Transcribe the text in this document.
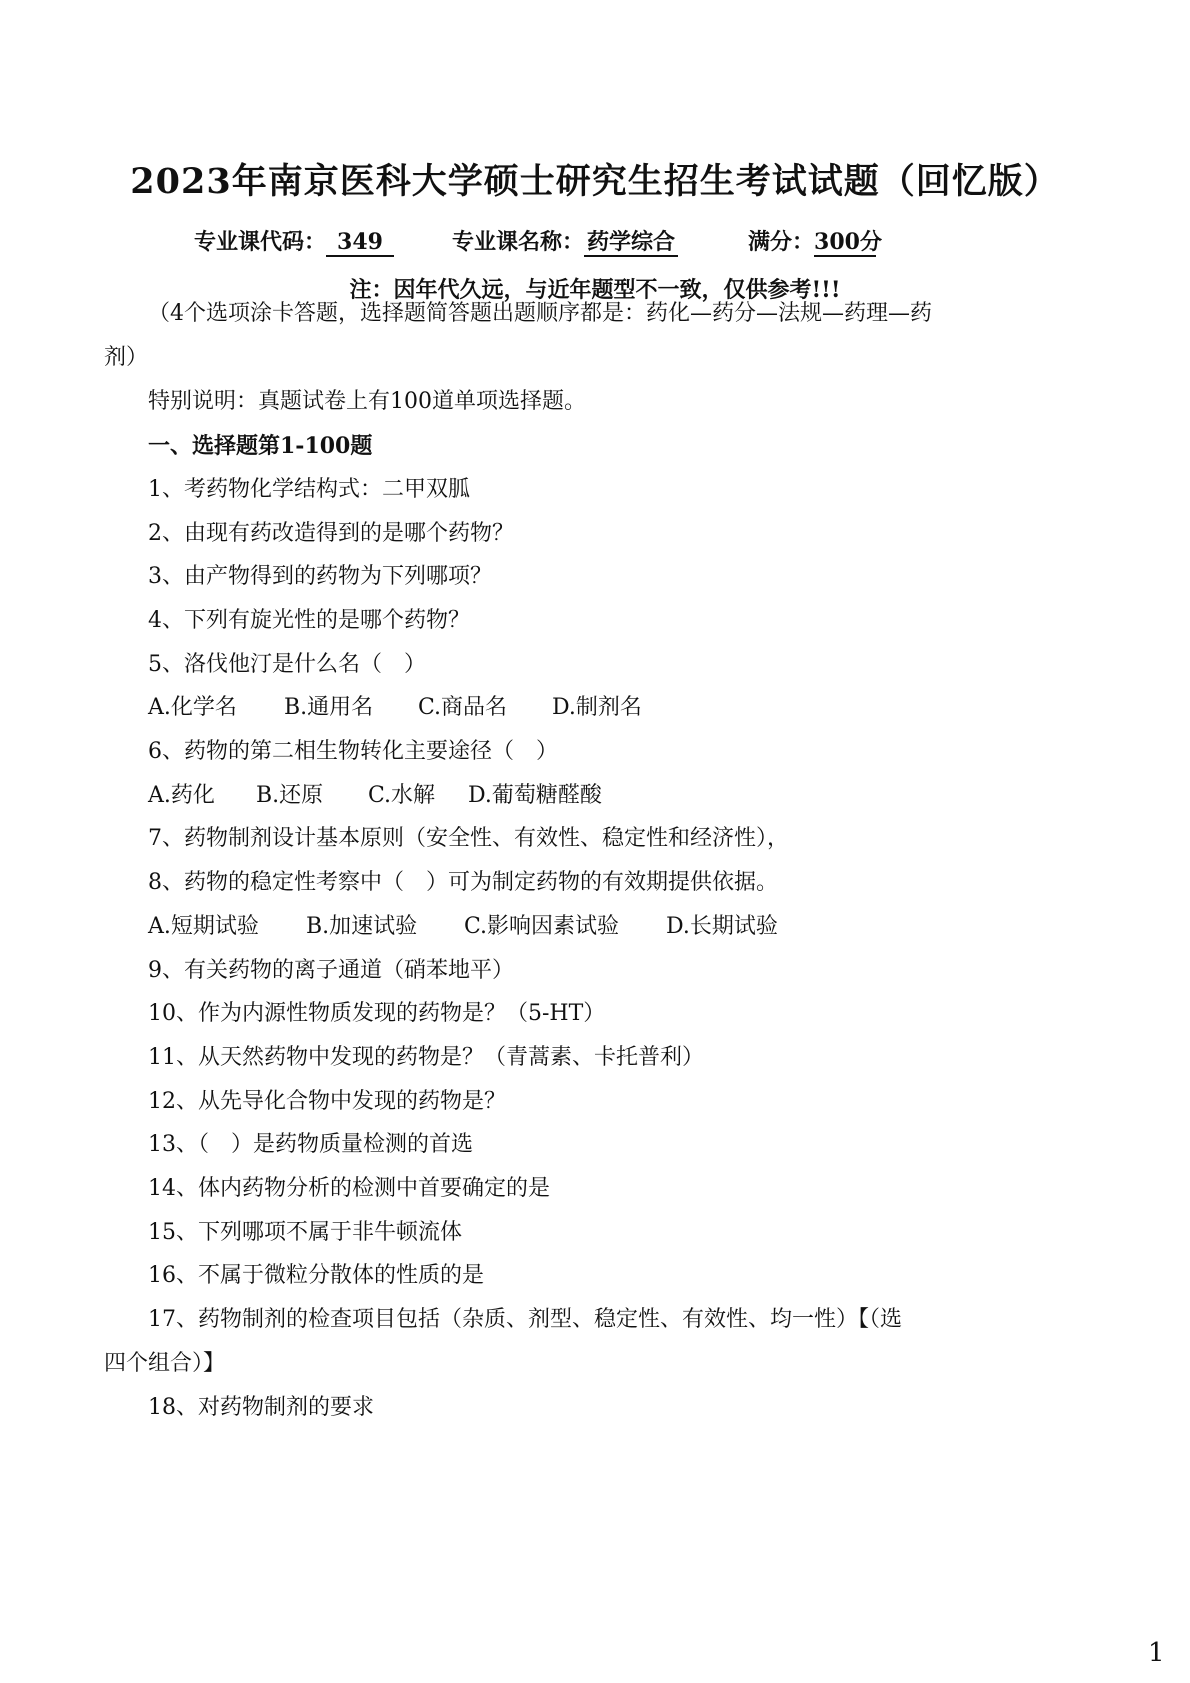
2023年南京医科大学硕士研究生招生考试试题（回忆版）
专业课代码： 349	专业课名称： 药学综合	满分：300分
注：因年代久远，与近年题型不一致，仅供参考!!!
（4个选项涂卡答题，选择题简答题出题顺序都是：药化—药分—法规—药理—药
剂）
特别说明：真题试卷上有100道单项选择题。
一、选择题第1-100题
1、考药物化学结构式：二甲双胍
2、由现有药改造得到的是哪个药物？
3、由产物得到的药物为下列哪项？
4、下列有旋光性的是哪个药物？
5、洛伐他汀是什么名（　）
A.化学名 B.通用名 C.商品名 D.制剂名
6、药物的第二相生物转化主要途径（　）
A.药化 B.还原 C.水解 D.葡萄糖醛酸
7、药物制剂设计基本原则（安全性、有效性、稳定性和经济性），
8、药物的稳定性考察中（　）可为制定药物的有效期提供依据。
A.短期试验 B.加速试验 C.影响因素试验 D.长期试验
9、有关药物的离子通道（硝苯地平）
10、作为内源性物质发现的药物是？（5-HT）
11、从天然药物中发现的药物是？（青蒿素、卡托普利）
12、从先导化合物中发现的药物是？
13、（　）是药物质量检测的首选
14、体内药物分析的检测中首要确定的是
15、下列哪项不属于非牛顿流体
16、不属于微粒分散体的性质的是
17、药物制剂的检查项目包括（杂质、剂型、稳定性、有效性、均一性）【（选
四个组合）】
18、对药物制剂的要求
1
